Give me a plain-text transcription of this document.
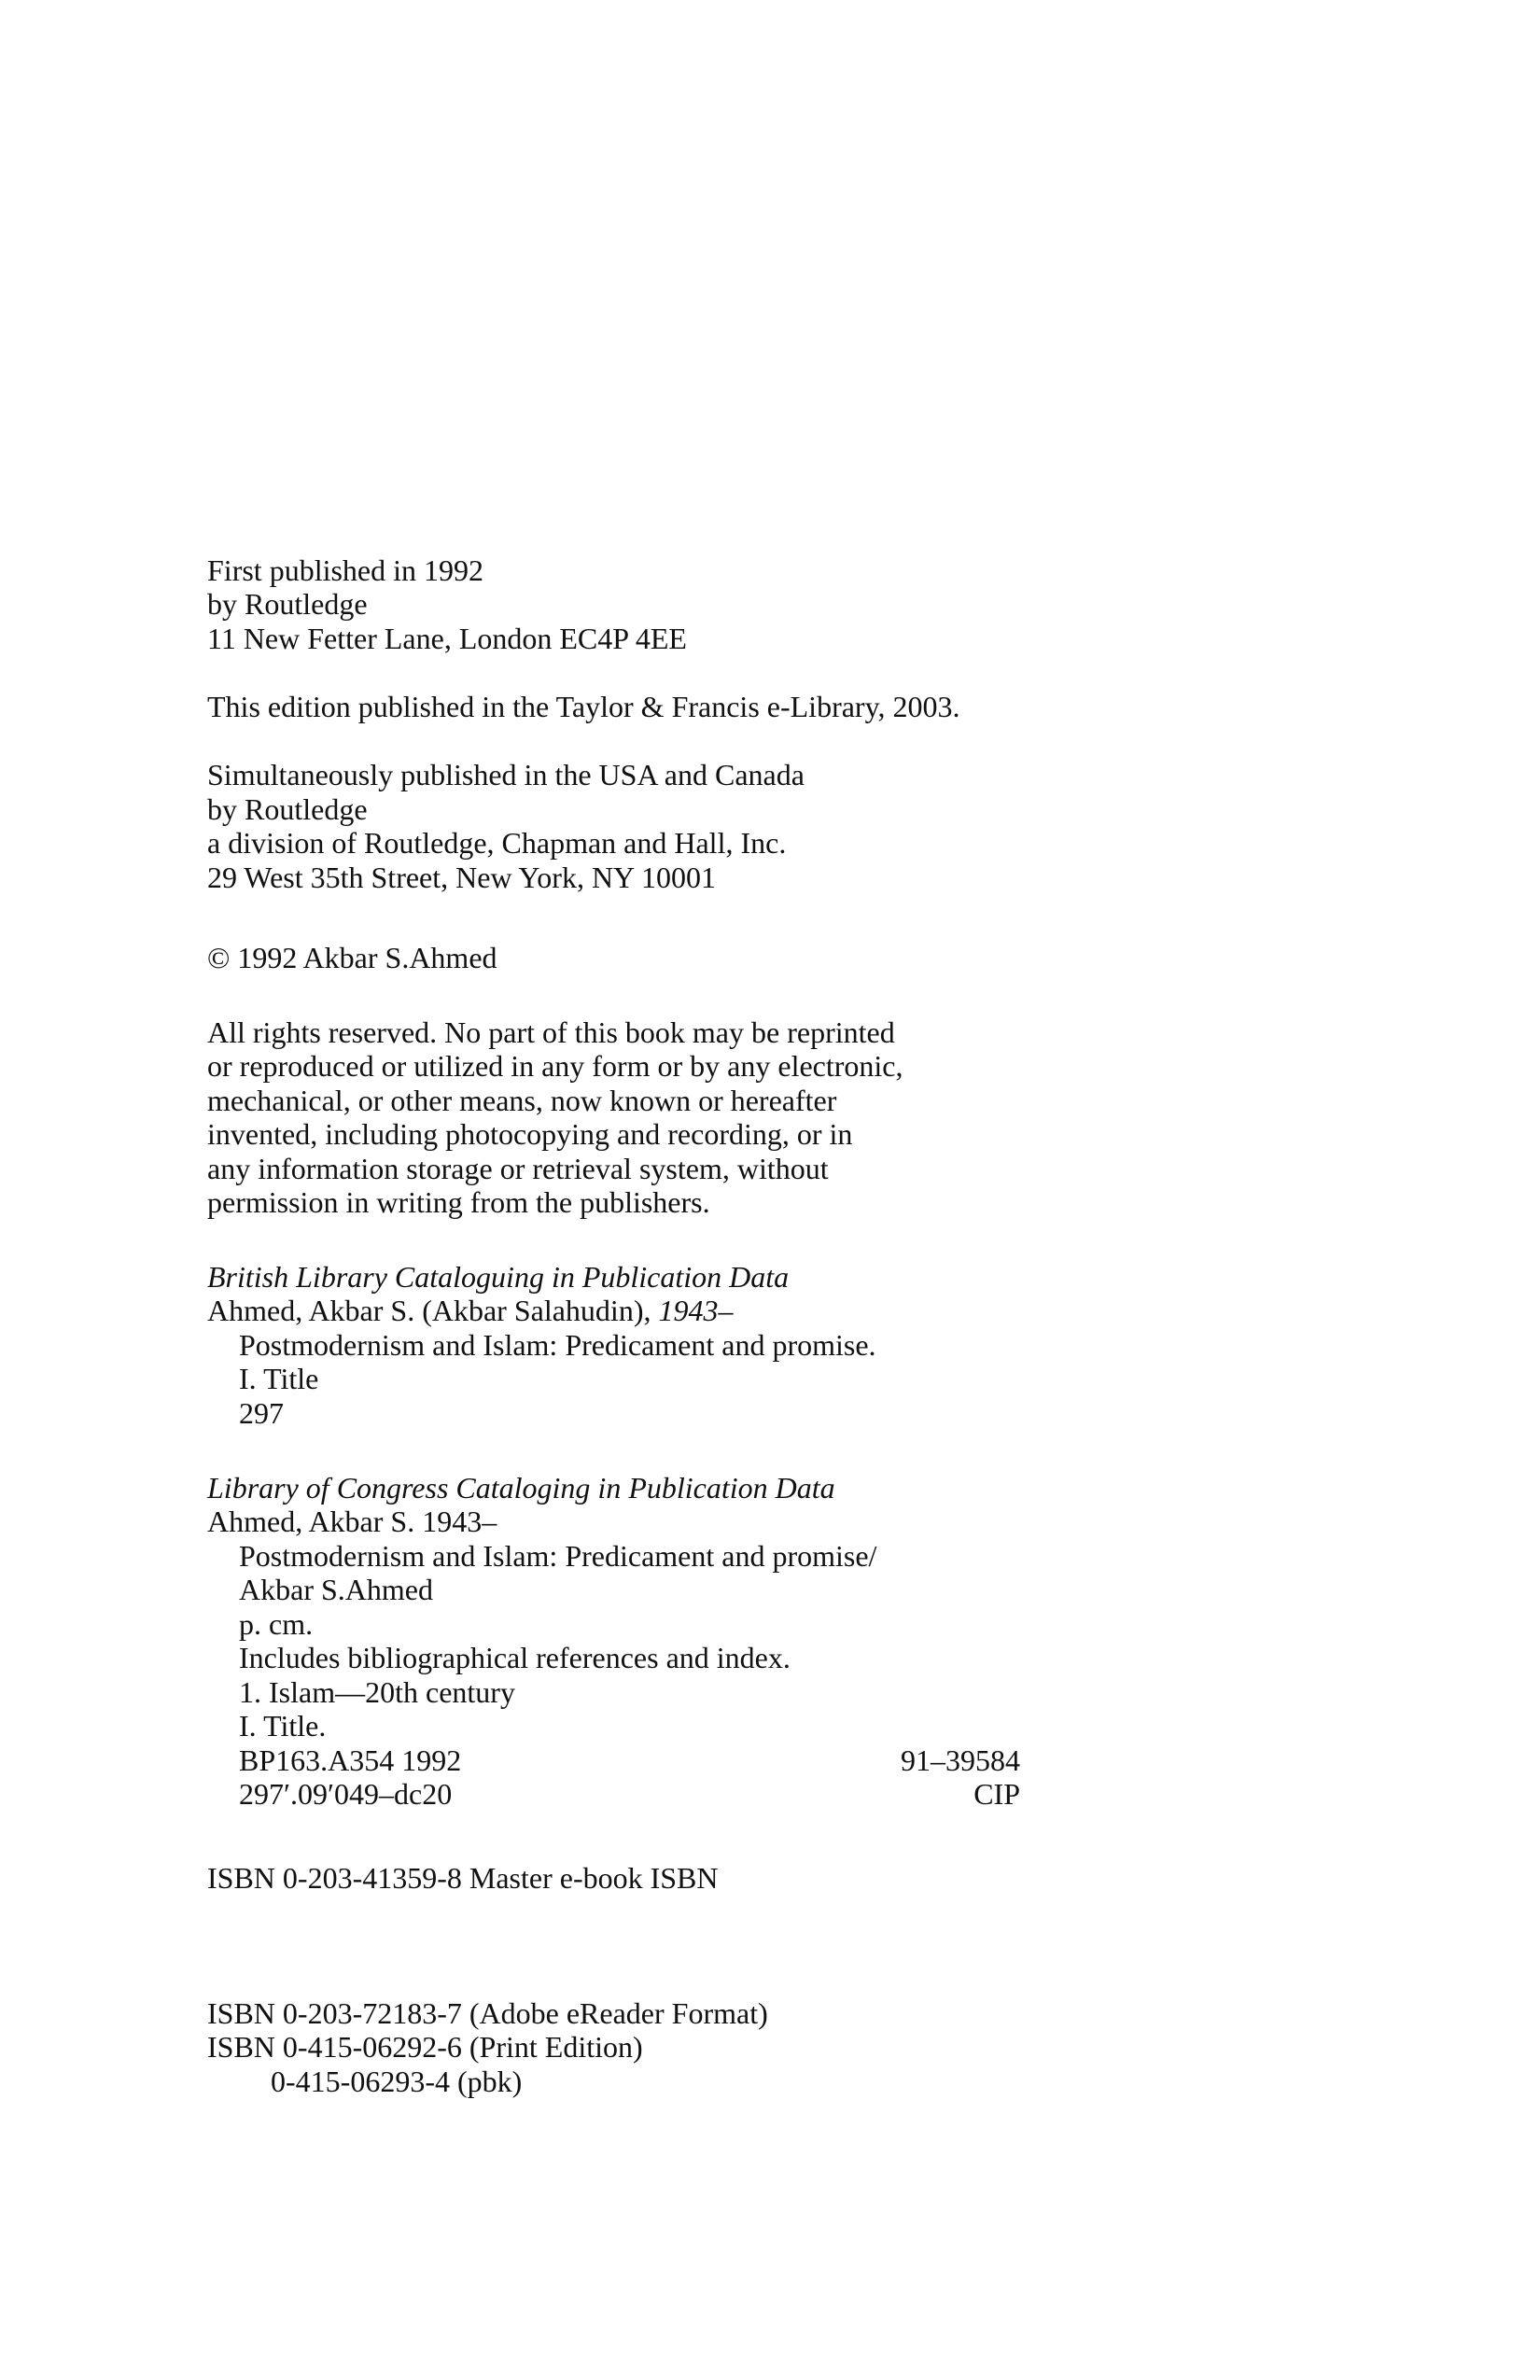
First published in 1992
by Routledge
11 New Fetter Lane, London EC4P 4EE
This edition published in the Taylor & Francis e-Library, 2003.
Simultaneously published in the USA and Canada
by Routledge
a division of Routledge, Chapman and Hall, Inc.
29 West 35th Street, New York, NY 10001
© 1992 Akbar S.Ahmed
All rights reserved. No part of this book may be reprinted
or reproduced or utilized in any form or by any electronic,
mechanical, or other means, now known or hereafter
invented, including photocopying and recording, or in
any information storage or retrieval system, without
permission in writing from the publishers.
British Library Cataloguing in Publication Data
Ahmed, Akbar S. (Akbar Salahudin), 1943–
Postmodernism and Islam: Predicament and promise.
I. Title
297
Library of Congress Cataloging in Publication Data
Ahmed, Akbar S. 1943–
Postmodernism and Islam: Predicament and promise/
Akbar S.Ahmed
p. cm.
Includes bibliographical references and index.
1. Islam—20th century
I. Title.
BP163.A354 1992	91–39584
297′.09′049–dc20	CIP
ISBN 0-203-41359-8 Master e-book ISBN
ISBN 0-203-72183-7 (Adobe eReader Format)
ISBN 0-415-06292-6 (Print Edition)
0-415-06293-4 (pbk)
